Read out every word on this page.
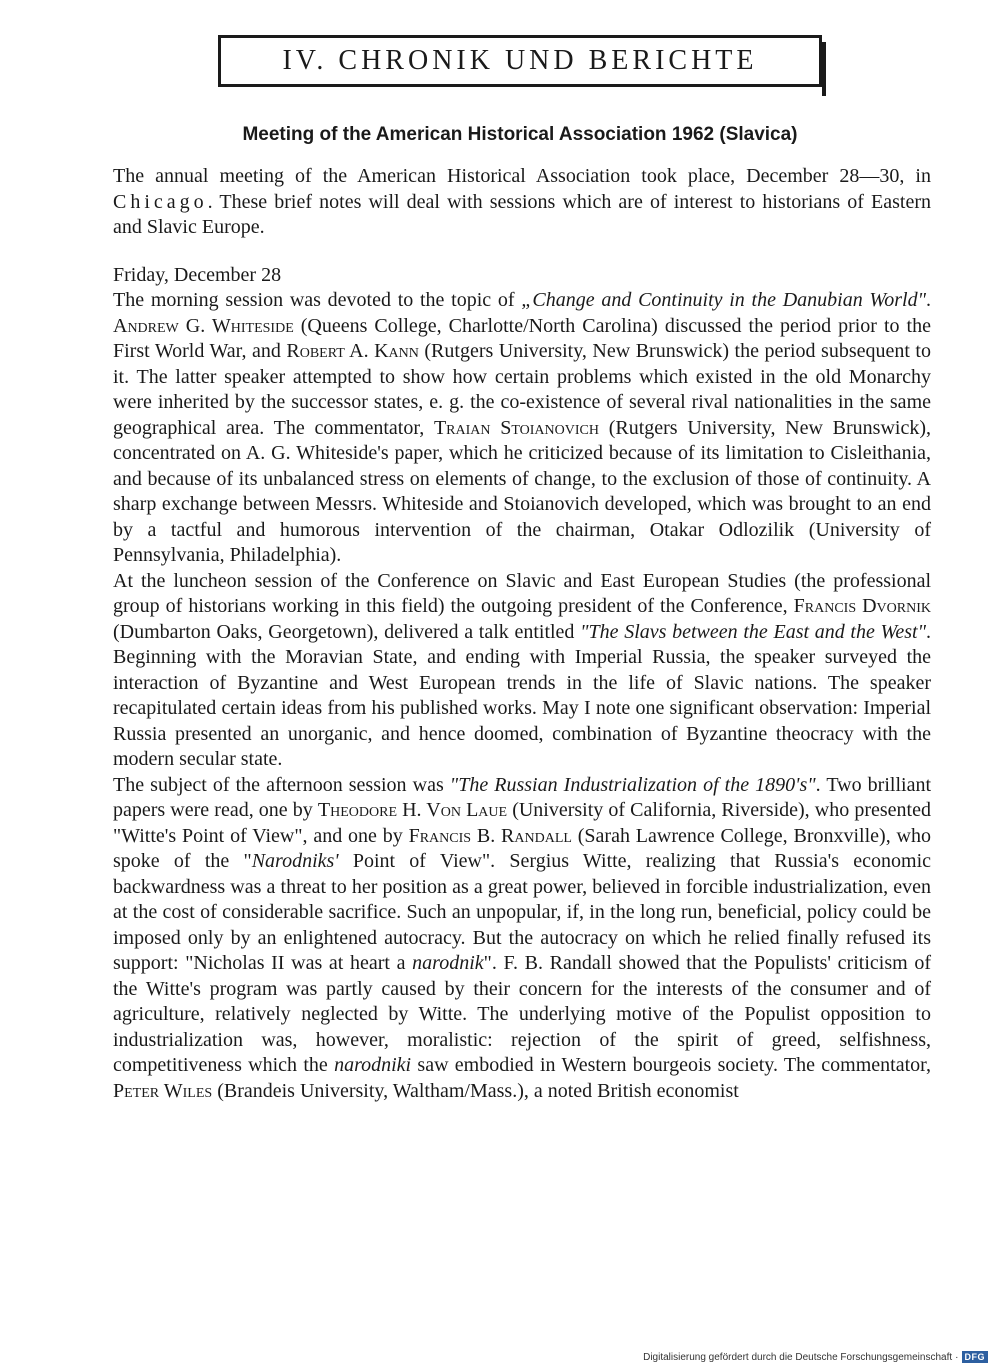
IV. CHRONIK UND BERICHTE
Meeting of the American Historical Association 1962 (Slavica)

The annual meeting of the American Historical Association took place, December 28—30, in Chicago. These brief notes will deal with sessions which are of interest to historians of Eastern and Slavic Europe.

Friday, December 28

The morning session was devoted to the topic of „Change and Continuity in the Danubian World". Andrew G. Whiteside (Queens College, Charlotte/North Carolina) discussed the period prior to the First World War, and Robert A. Kann (Rutgers University, New Brunswick) the period subsequent to it. The latter speaker attempted to show how certain problems which existed in the old Monarchy were inherited by the successor states, e. g. the co-existence of several rival nationalities in the same geographical area. The commentator, Traian Stoianovich (Rutgers University, New Brunswick), concentrated on A. G. Whiteside's paper, which he criticized because of its limitation to Cisleithania, and because of its unbalanced stress on elements of change, to the exclusion of those of continuity. A sharp exchange between Messrs. Whiteside and Stoianovich developed, which was brought to an end by a tactful and humorous intervention of the chairman, Otakar Odlozilik (University of Pennsylvania, Philadelphia).

At the luncheon session of the Conference on Slavic and East European Studies (the professional group of historians working in this field) the outgoing president of the Conference, Francis Dvornik (Dumbarton Oaks, Georgetown), delivered a talk entitled "The Slavs between the East and the West". Beginning with the Moravian State, and ending with Imperial Russia, the speaker surveyed the interaction of Byzantine and West European trends in the life of Slavic nations. The speaker recapitulated certain ideas from his published works. May I note one significant observation: Imperial Russia presented an unorganic, and hence doomed, combination of Byzantine theocracy with the modern secular state.

The subject of the afternoon session was "The Russian Industrialization of the 1890's". Two brilliant papers were read, one by Theodore H. Von Laue (University of California, Riverside), who presented "Witte's Point of View", and one by Francis B. Randall (Sarah Lawrence College, Bronxville), who spoke of the "Narodniks' Point of View". Sergius Witte, realizing that Russia's economic backwardness was a threat to her position as a great power, believed in forcible industrialization, even at the cost of considerable sacrifice. Such an unpopular, if, in the long run, beneficial, policy could be imposed only by an enlightened autocracy. But the autocracy on which he relied finally refused its support: "Nicholas II was at heart a narodnik". F. B. Randall showed that the Populists' criticism of the Witte's program was partly caused by their concern for the interests of the consumer and of agriculture, relatively neglected by Witte. The underlying motive of the Populist opposition to industrialization was, however, moralistic: rejection of the spirit of greed, selfishness, competitiveness which the narodniki saw embodied in Western bourgeois society. The commentator, Peter Wiles (Brandeis University, Waltham/Mass.), a noted British economist

Digitalisierung gefördert durch die Deutsche Forschungsgemeinschaft · DFG
